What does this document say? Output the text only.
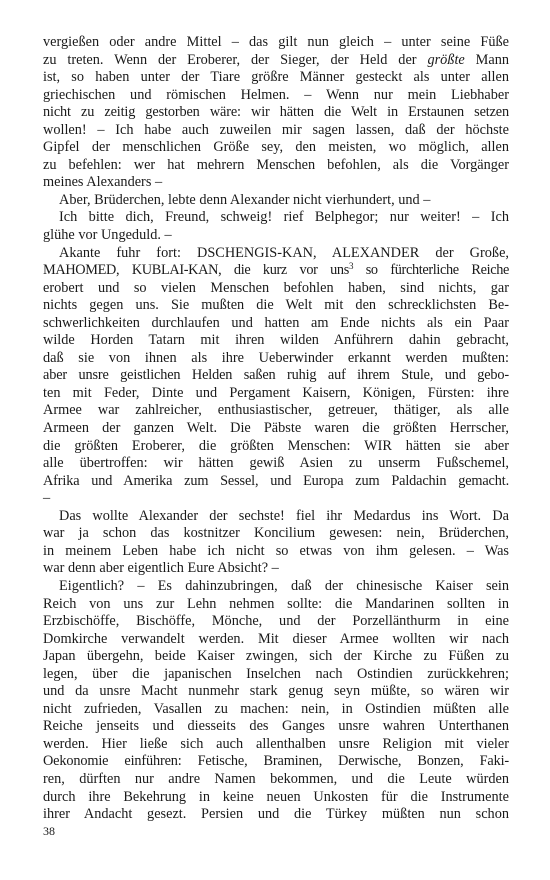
vergießen oder andre Mittel – das gilt nun gleich – unter seine Füße
zu treten. Wenn der Eroberer, der Sieger, der Held der größte Mann
ist, so haben unter der Tiare größre Männer gesteckt als unter allen
griechischen und römischen Helmen. – Wenn nur mein Liebhaber
nicht zu zeitig gestorben wäre: wir hätten die Welt in Erstaunen setzen
wollen! – Ich habe auch zuweilen mir sagen lassen, daß der höchste
Gipfel der menschlichen Größe sey, den meisten, wo möglich, allen
zu befehlen: wer hat mehrern Menschen befohlen, als die Vorgänger
meines Alexanders –
Aber, Brüderchen, lebte denn Alexander nicht vierhundert, und –
Ich bitte dich, Freund, schweig! rief Belphegor; nur weiter! – Ich
glühe vor Ungeduld. –
Akante fuhr fort: DSCHENGIS-KAN, ALEXANDER der Große,
MAHOMED, KUBLAI-KAN, die kurz vor uns$^3$ so fürchterliche Reiche
erobert und so vielen Menschen befohlen haben, sind nichts, gar
nichts gegen uns. Sie mußten die Welt mit den schrecklichsten Be-
schwerlichkeiten durchlaufen und hatten am Ende nichts als ein Paar
wilde Horden Tatarn mit ihren wilden Anführern dahin gebracht,
daß sie von ihnen als ihre Ueberwinder erkannt werden mußten:
aber unsre geistlichen Helden saßen ruhig auf ihrem Stule, und gebo-
ten mit Feder, Dinte und Pergament Kaisern, Königen, Fürsten: ihre
Armee war zahlreicher, enthusiastischer, getreuer, thätiger, als alle
Armeen der ganzen Welt. Die Päbste waren die größten Herrscher,
die größten Eroberer, die größten Menschen: WIR hätten sie aber
alle übertroffen: wir hätten gewiß Asien zu unserm Fußschemel,
Afrika und Amerika zum Sessel, und Europa zum Paldachin gemacht.
–
Das wollte Alexander der sechste! fiel ihr Medardus ins Wort. Da
war ja schon das kostnitzer Koncilium gewesen: nein, Brüderchen,
in meinem Leben habe ich nicht so etwas von ihm gelesen. – Was
war denn aber eigentlich Eure Absicht? –
Eigentlich? – Es dahinzubringen, daß der chinesische Kaiser sein
Reich von uns zur Lehn nehmen sollte: die Mandarinen sollten in
Erzbischöffe, Bischöffe, Mönche, und der Porzellänthurm in eine
Domkirche verwandelt werden. Mit dieser Armee wollten wir nach
Japan übergehn, beide Kaiser zwingen, sich der Kirche zu Füßen zu
legen, über die japanischen Inselchen nach Ostindien zurückkehren;
und da unsre Macht nunmehr stark genug seyn müßte, so wären wir
nicht zufrieden, Vasallen zu machen: nein, in Ostindien müßten alle
Reiche jenseits und diesseits des Ganges unsre wahren Unterthanen
werden. Hier ließe sich auch allenthalben unsre Religion mit vieler
Oekonomie einführen: Fetische, Braminen, Derwische, Bonzen, Faki-
ren, dürften nur andre Namen bekommen, und die Leute würden
durch ihre Bekehrung in keine neuen Unkosten für die Instrumente
ihrer Andacht gesezt. Persien und die Türkey müßten nun schon
38
